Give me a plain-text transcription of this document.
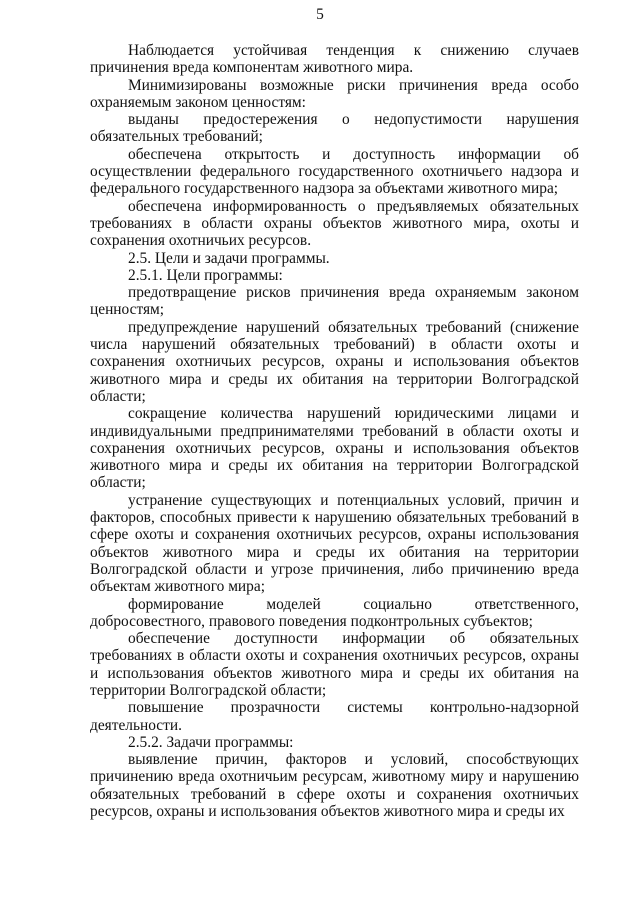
5

Наблюдается устойчивая тенденция к снижению случаев причинения вреда компонентам животного мира.

Минимизированы возможные риски причинения вреда особо охраняемым законом ценностям:

выданы предостережения о недопустимости нарушения обязательных требований;

обеспечена открытость и доступность информации об осуществлении федерального государственного охотничьего надзора и федерального государственного надзора за объектами животного мира;

обеспечена информированность о предъявляемых обязательных требованиях в области охраны объектов животного мира, охоты и сохранения охотничьих ресурсов.

2.5. Цели и задачи программы.

2.5.1. Цели программы:

предотвращение рисков причинения вреда охраняемым законом ценностям;

предупреждение нарушений обязательных требований (снижение числа нарушений обязательных требований) в области охоты и сохранения охотничьих ресурсов, охраны и использования объектов животного мира и среды их обитания на территории Волгоградской области;

сокращение количества нарушений юридическими лицами и индивидуальными предпринимателями требований в области охоты и сохранения охотничьих ресурсов, охраны и использования объектов животного мира и среды их обитания на территории Волгоградской области;

устранение существующих и потенциальных условий, причин и факторов, способных привести к нарушению обязательных требований в сфере охоты и сохранения охотничьих ресурсов, охраны использования объектов животного мира и среды их обитания на территории Волгоградской области и угрозе причинения, либо причинению вреда объектам животного мира;

формирование моделей социально ответственного, добросовестного, правового поведения подконтрольных субъектов;

обеспечение доступности информации об обязательных требованиях в области охоты и сохранения охотничьих ресурсов, охраны и использования объектов животного мира и среды их обитания на территории Волгоградской области;

повышение прозрачности системы контрольно-надзорной деятельности.

2.5.2. Задачи программы:

выявление причин, факторов и условий, способствующих причинению вреда охотничьим ресурсам, животному миру и нарушению обязательных требований в сфере охоты и сохранения охотничьих ресурсов, охраны и использования объектов животного мира и среды их
